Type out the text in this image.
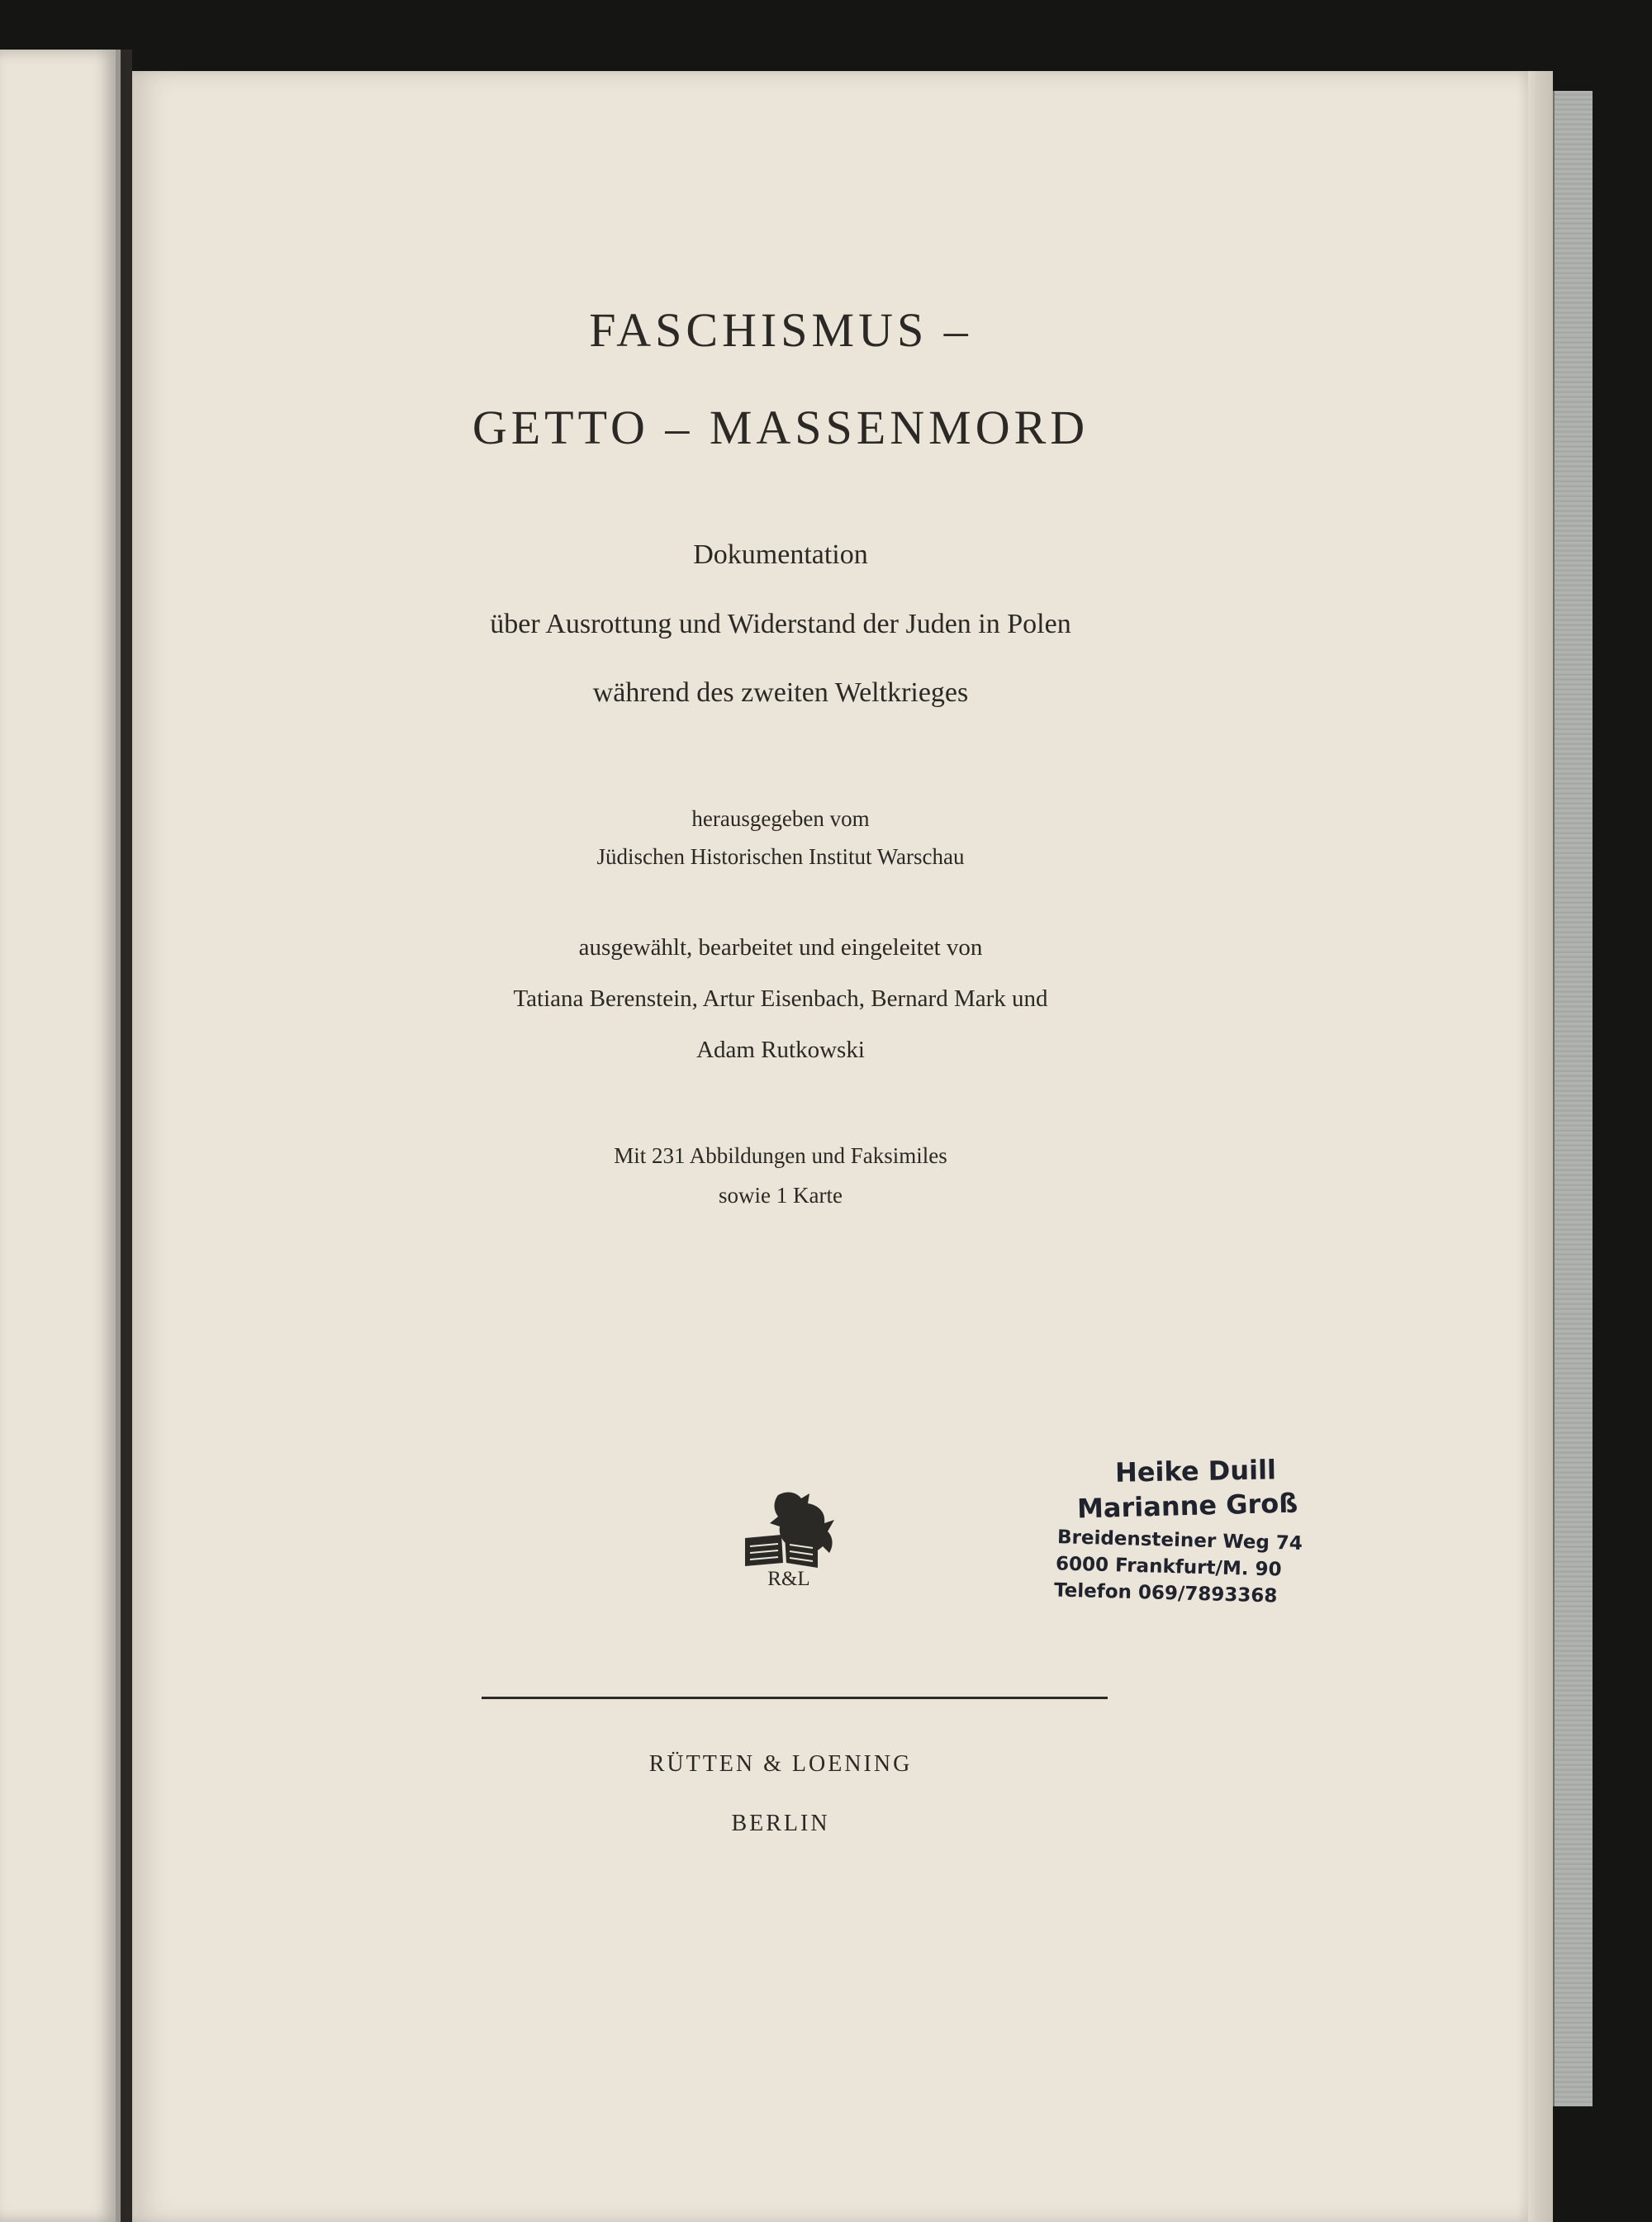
FASCHISMUS –
GETTO – MASSENMORD

Dokumentation

über Ausrottung und Widerstand der Juden in Polen

während des zweiten Weltkrieges

herausgegeben vom

Jüdischen Historischen Institut Warschau

ausgewählt, bearbeitet und eingeleitet von

Tatiana Berenstein, Artur Eisenbach, Bernard Mark und

Adam Rutkowski

Mit 231 Abbildungen und Faksimiles

sowie 1 Karte

R&L
Heike Duill
Marianne Groß
Breidensteiner Weg 74
6000 Frankfurt/M. 90
Telefon 069/7893368

RÜTTEN & LOENING

BERLIN
